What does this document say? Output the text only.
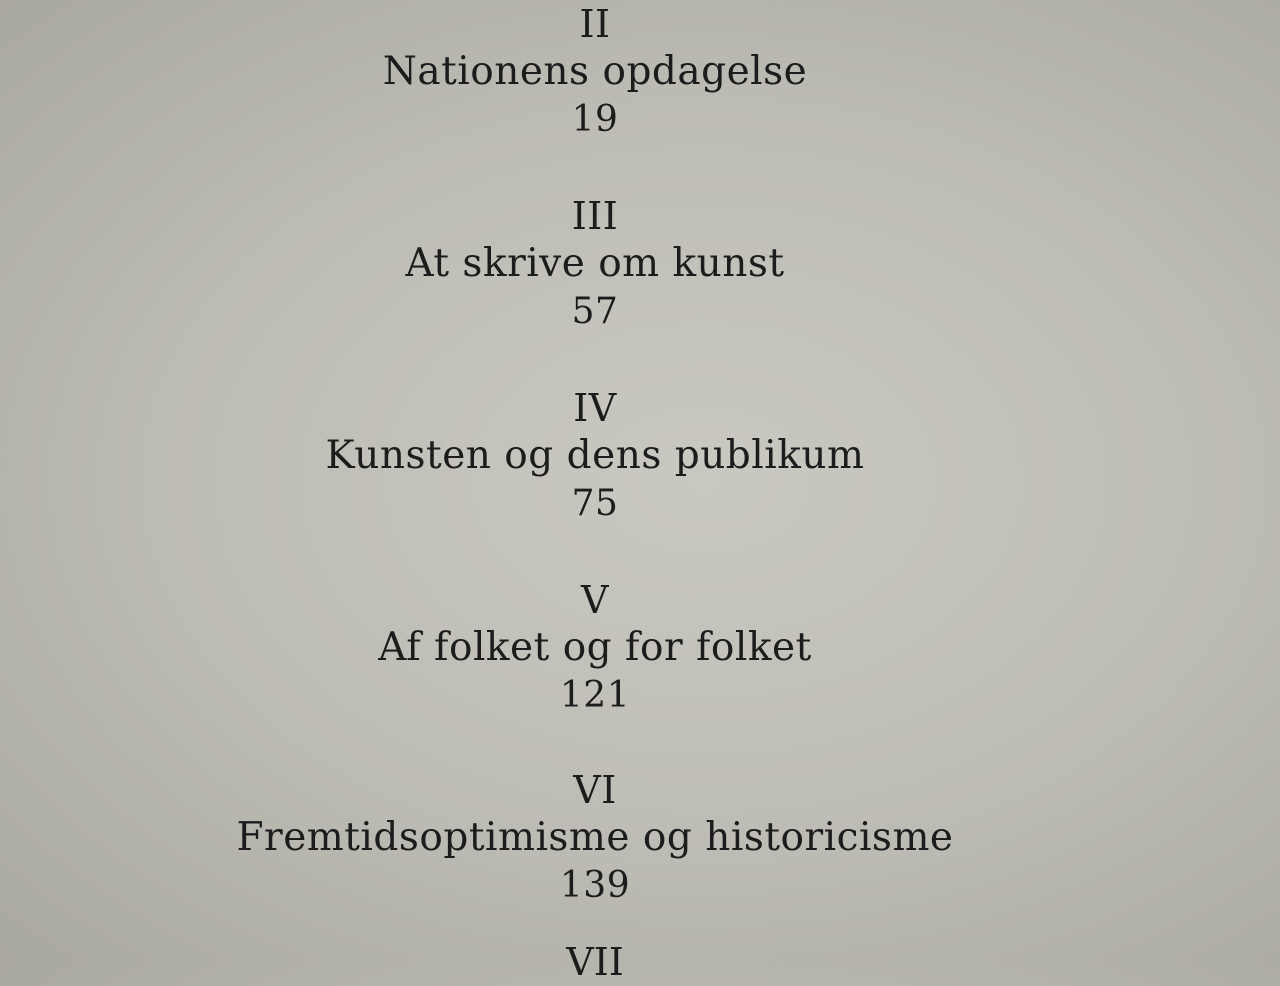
II
Nationens opdagelse
19
III
At skrive om kunst
57
IV
Kunsten og dens publikum
75
V
Af folket og for folket
121
VI
Fremtidsoptimisme og historicisme
139
VII
